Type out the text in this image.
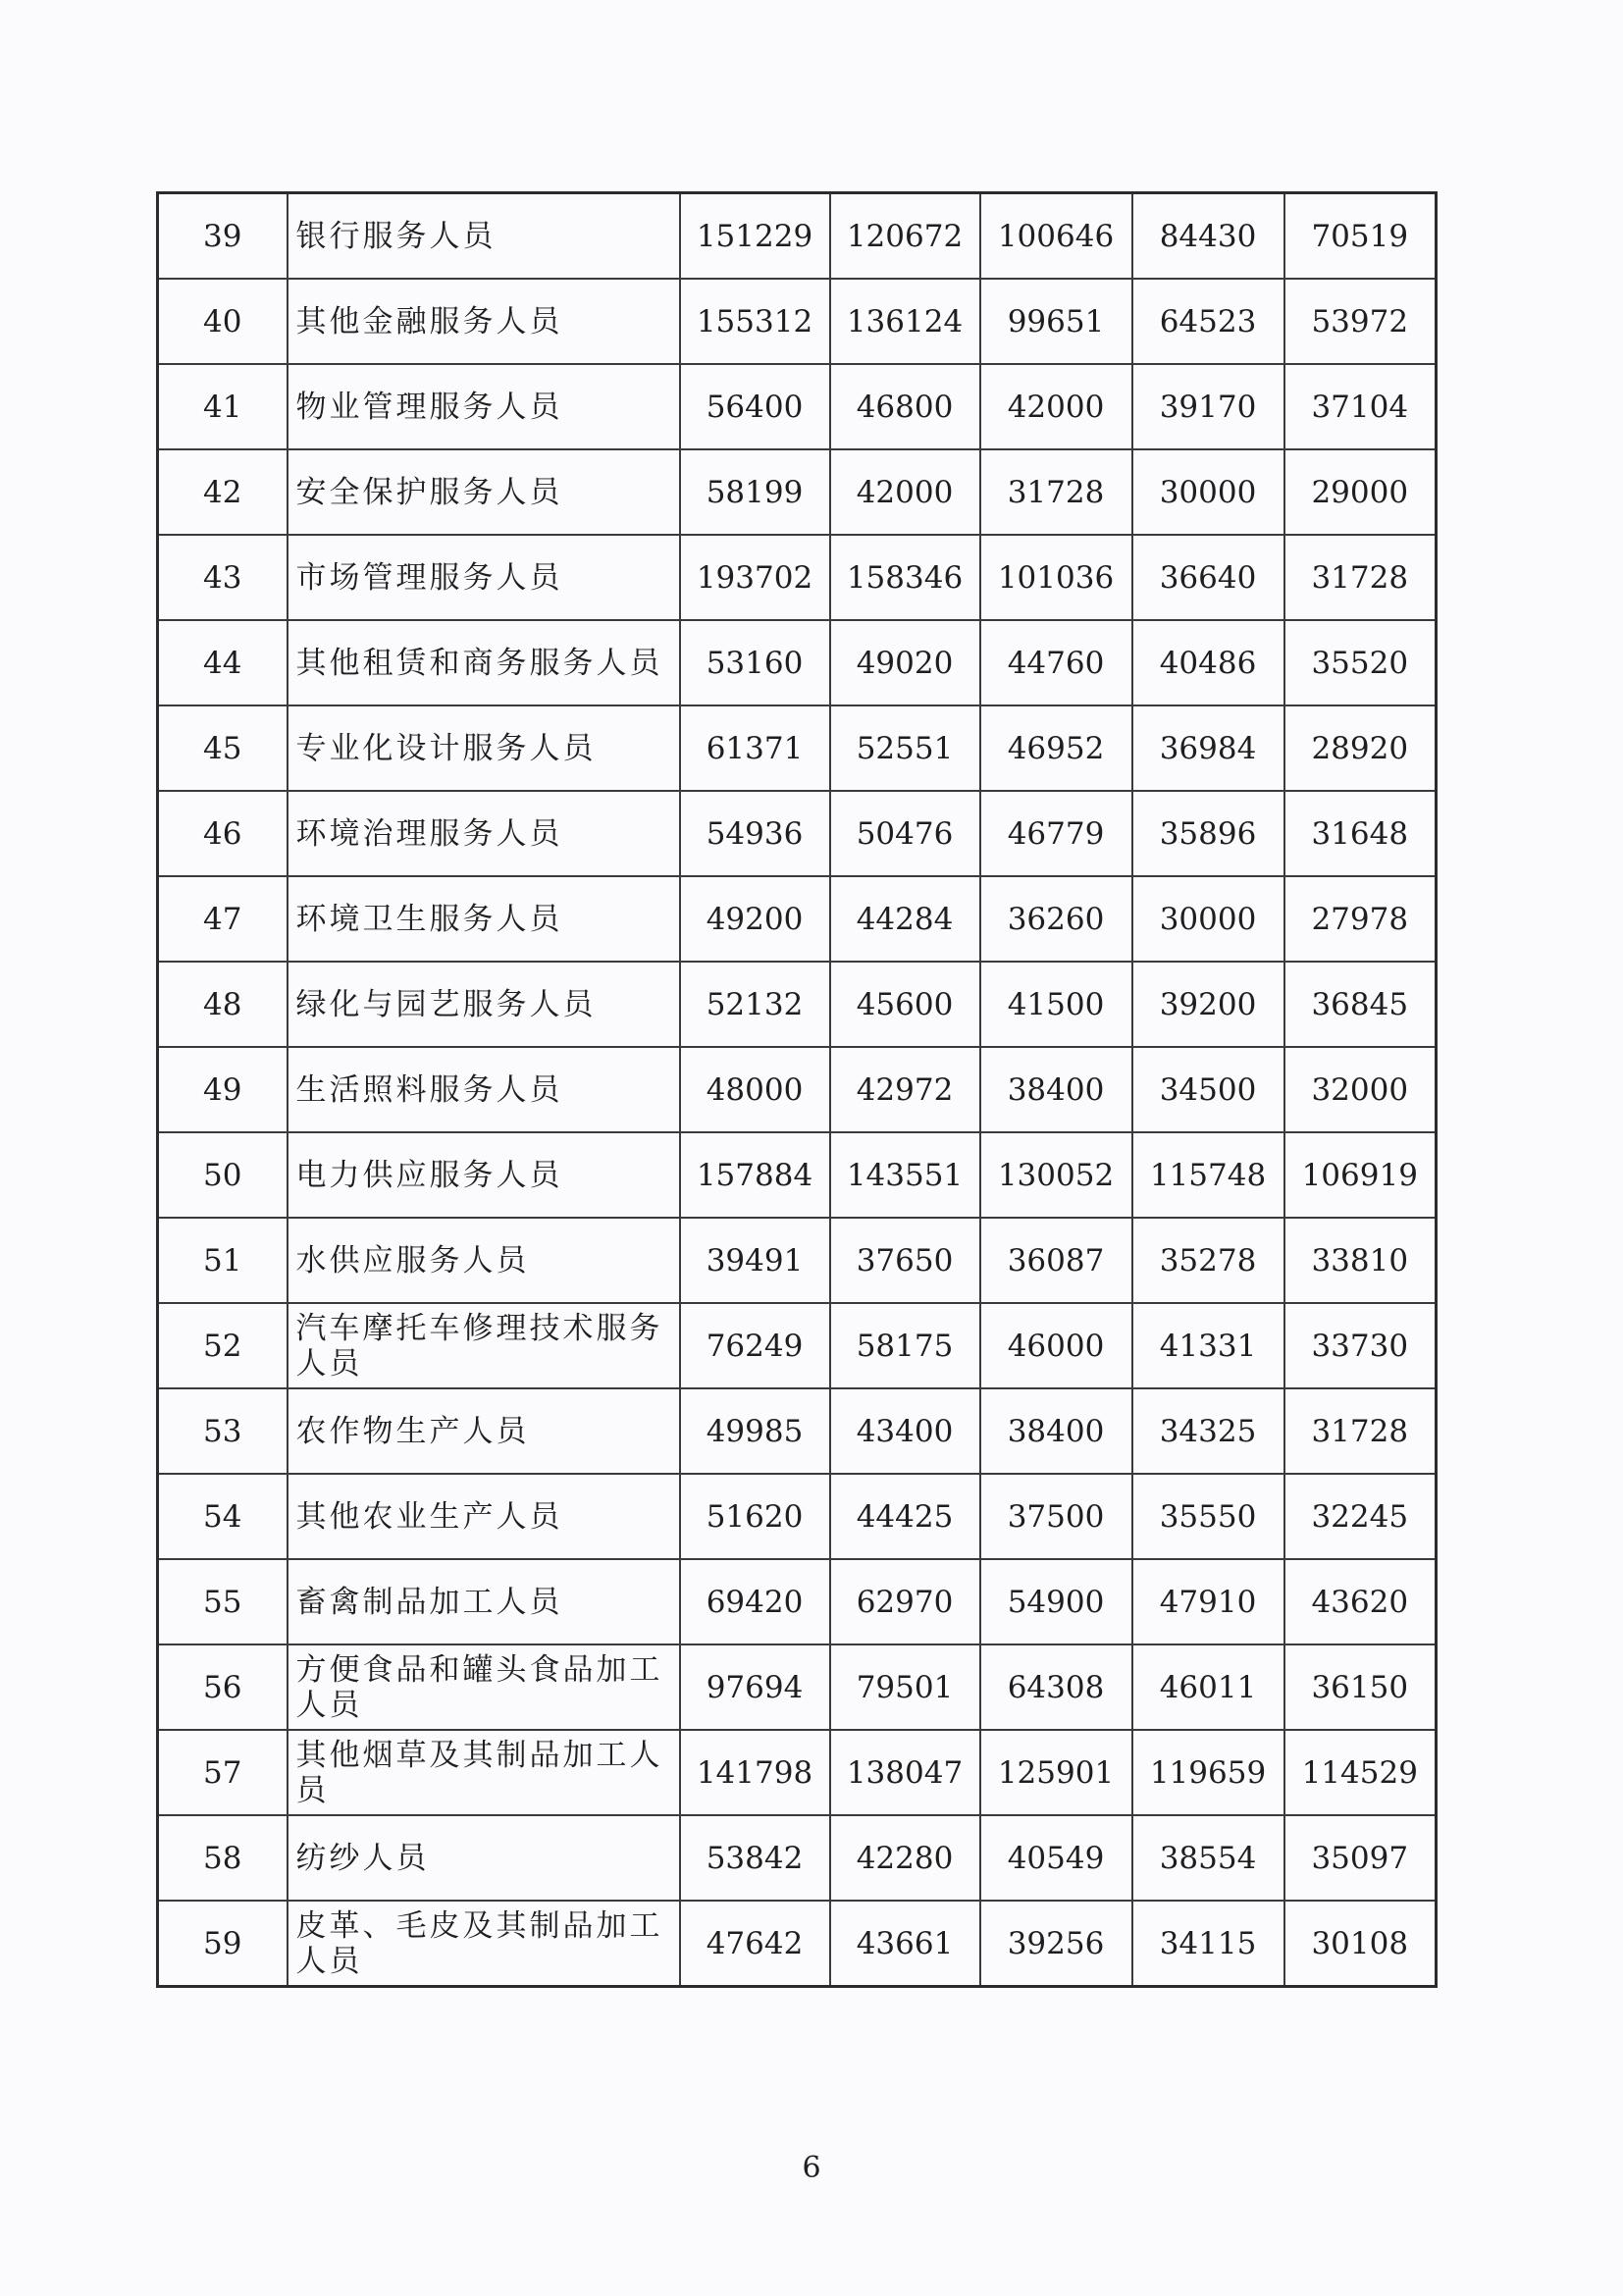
39	银行服务人员	151229	120672	100646	84430	70519
40	其他金融服务人员	155312	136124	99651	64523	53972
41	物业管理服务人员	56400	46800	42000	39170	37104
42	安全保护服务人员	58199	42000	31728	30000	29000
43	市场管理服务人员	193702	158346	101036	36640	31728
44	其他租赁和商务服务人员	53160	49020	44760	40486	35520
45	专业化设计服务人员	61371	52551	46952	36984	28920
46	环境治理服务人员	54936	50476	46779	35896	31648
47	环境卫生服务人员	49200	44284	36260	30000	27978
48	绿化与园艺服务人员	52132	45600	41500	39200	36845
49	生活照料服务人员	48000	42972	38400	34500	32000
50	电力供应服务人员	157884	143551	130052	115748	106919
51	水供应服务人员	39491	37650	36087	35278	33810
52	汽车摩托车修理技术服务人员	76249	58175	46000	41331	33730
53	农作物生产人员	49985	43400	38400	34325	31728
54	其他农业生产人员	51620	44425	37500	35550	32245
55	畜禽制品加工人员	69420	62970	54900	47910	43620
56	方便食品和罐头食品加工人员	97694	79501	64308	46011	36150
57	其他烟草及其制品加工人员	141798	138047	125901	119659	114529
58	纺纱人员	53842	42280	40549	38554	35097
59	皮革、毛皮及其制品加工人员	47642	43661	39256	34115	30108
6
